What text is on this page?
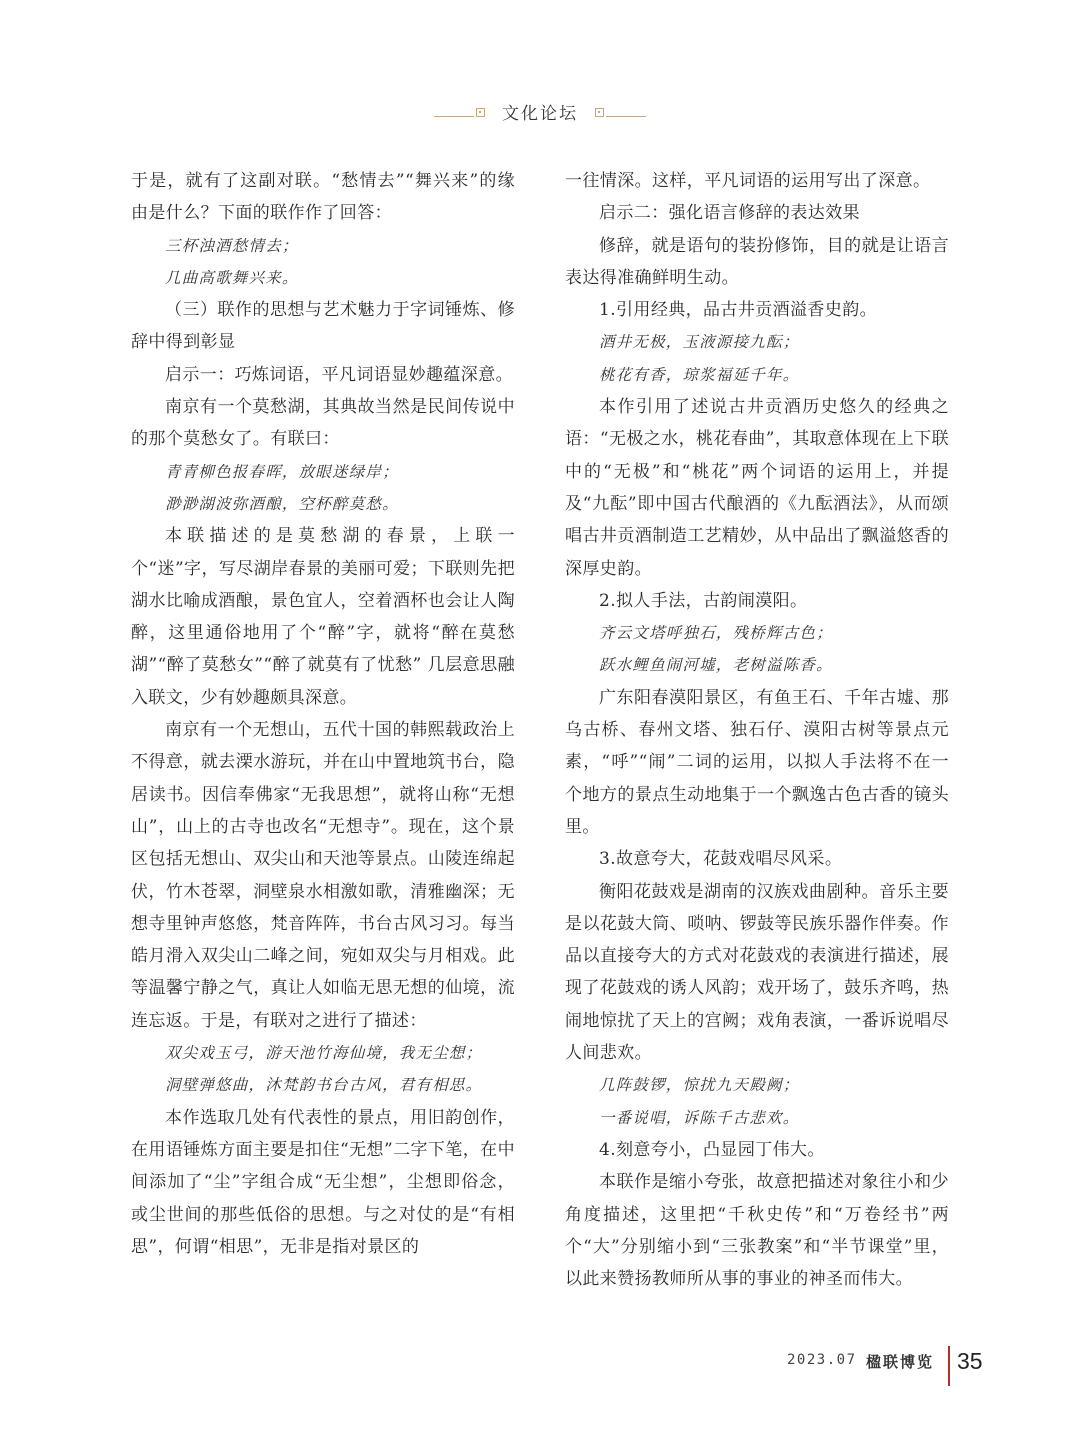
文化论坛

于是，就有了这副对联。“愁情去”“舞兴来”的缘由是什么？下面的联作作了回答：

三杯浊酒愁情去；

几曲高歌舞兴来。

（三）联作的思想与艺术魅力于字词锤炼、修辞中得到彰显

启示一：巧炼词语，平凡词语显妙趣蕴深意。

南京有一个莫愁湖，其典故当然是民间传说中的那个莫愁女了。有联曰：

青青柳色报春晖，放眼迷绿岸；

渺渺湖波弥酒酿，空杯醉莫愁。

本联描述的是莫愁湖的春景，上联一个“迷”字，写尽湖岸春景的美丽可爱；下联则先把湖水比喻成酒酿，景色宜人，空着酒杯也会让人陶醉，这里通俗地用了个“醉”字，就将“醉在莫愁湖”“醉了莫愁女”“醉了就莫有了忧愁” 几层意思融入联文，少有妙趣颇具深意。

南京有一个无想山，五代十国的韩熙载政治上不得意，就去溧水游玩，并在山中置地筑书台，隐居读书。因信奉佛家“无我思想”，就将山称“无想山”，山上的古寺也改名“无想寺”。现在，这个景区包括无想山、双尖山和天池等景点。山陵连绵起伏，竹木苍翠，洞壁泉水相激如歌，清雅幽深；无想寺里钟声悠悠，梵音阵阵，书台古风习习。每当皓月滑入双尖山二峰之间，宛如双尖与月相戏。此等温馨宁静之气，真让人如临无思无想的仙境，流连忘返。于是，有联对之进行了描述：

双尖戏玉弓，游天池竹海仙境，我无尘想；

洞壁弹悠曲，沐梵韵书台古风，君有相思。

本作选取几处有代表性的景点，用旧韵创作，在用语锤炼方面主要是扣住“无想”二字下笔，在中间添加了“尘”字组合成“无尘想”，尘想即俗念，或尘世间的那些低俗的思想。与之对仗的是“有相思”，何谓“相思”，无非是指对景区的

一往情深。这样，平凡词语的运用写出了深意。

启示二：强化语言修辞的表达效果

修辞，就是语句的装扮修饰，目的就是让语言表达得准确鲜明生动。

1.引用经典，品古井贡酒溢香史韵。

酒井无极，玉液源接九酝；

桃花有香，琼浆福延千年。

本作引用了述说古井贡酒历史悠久的经典之语：“无极之水，桃花春曲”，其取意体现在上下联中的“无极”和“桃花”两个词语的运用上，并提及“九酝”即中国古代酿酒的《九酝酒法》，从而颂唱古井贡酒制造工艺精妙，从中品出了飘溢悠香的深厚史韵。

2.拟人手法，古韵闹漠阳。

齐云文塔呼独石，残桥辉古色；

跃水鲤鱼闹河墟，老树溢陈香。

广东阳春漠阳景区，有鱼王石、千年古墟、那乌古桥、春州文塔、独石仔、漠阳古树等景点元素，“呼”“闹”二词的运用，以拟人手法将不在一个地方的景点生动地集于一个飘逸古色古香的镜头里。

3.故意夸大，花鼓戏唱尽风采。

衡阳花鼓戏是湖南的汉族戏曲剧种。音乐主要是以花鼓大筒、唢呐、锣鼓等民族乐器作伴奏。作品以直接夸大的方式对花鼓戏的表演进行描述，展现了花鼓戏的诱人风韵；戏开场了，鼓乐齐鸣，热闹地惊扰了天上的宫阙；戏角表演，一番诉说唱尽人间悲欢。

几阵鼓锣，惊扰九天殿阙；

一番说唱，诉陈千古悲欢。

4.刻意夸小，凸显园丁伟大。

本联作是缩小夸张，故意把描述对象往小和少角度描述，这里把“千秋史传”和“万卷经书”两个“大”分别缩小到“三张教案”和“半节课堂”里，以此来赞扬教师所从事的事业的神圣而伟大。

2023.07 楹联博览 35
